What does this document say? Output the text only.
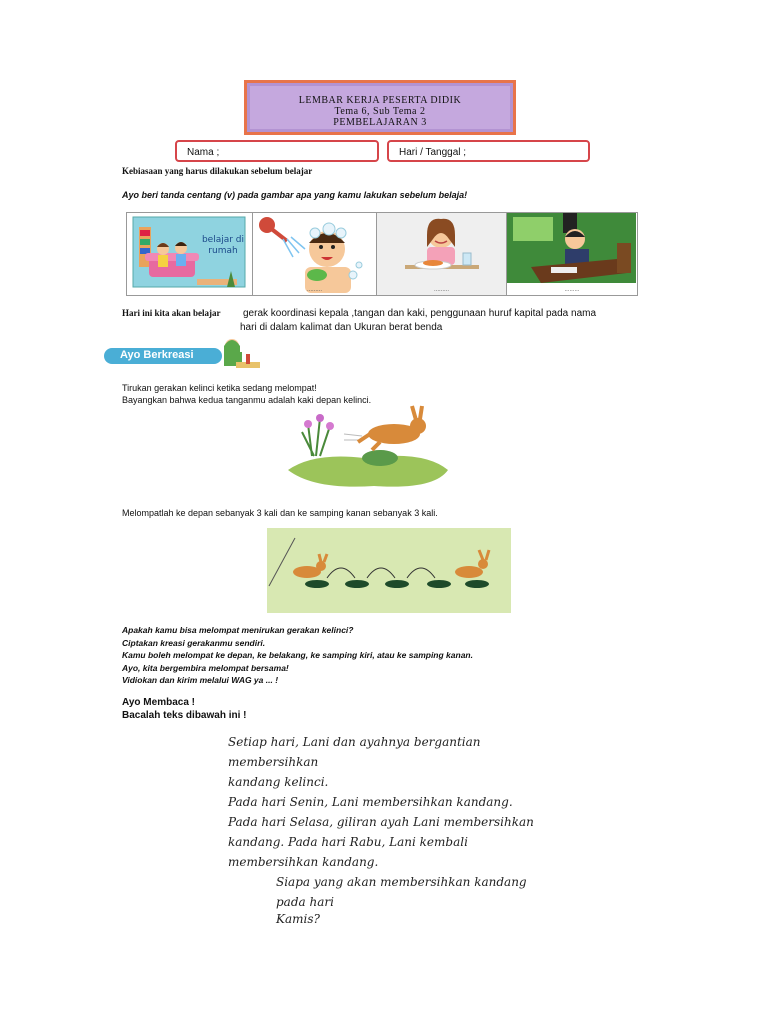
LEMBAR KERJA PESERTA DIDIK
Tema 6, Sub Tema 2
PEMBELAJARAN 3
Nama ;	Hari / Tanggal ;
Kebiasaan yang harus dilakukan sebelum belajar
Ayo beri tanda centang (v) pada gambar apa yang kamu lakukan sebelum belaja!
belajar di rumah
.........	.........	.........
Hari ini kita akan belajar gerak koordinasi kepala ,tangan dan kaki, penggunaan huruf kapital pada nama
hari di dalam kalimat dan Ukuran berat benda
Ayo Berkreasi
Tirukan gerakan kelinci ketika sedang melompat!
Bayangkan bahwa kedua tanganmu adalah kaki depan kelinci.
Melompatlah ke depan sebanyak 3 kali dan ke samping kanan sebanyak 3 kali.
Apakah kamu bisa melompat menirukan gerakan kelinci?
Ciptakan kreasi gerakanmu sendiri.
Kamu boleh melompat ke depan, ke belakang, ke samping kiri, atau ke samping kanan.
Ayo, kita bergembira melompat bersama!
Vidiokan dan kirim melalui WAG ya ... !
Ayo Membaca !
Bacalah teks dibawah ini !
Setiap hari, Lani dan ayahnya bergantian membersihkan
kandang kelinci.
Pada hari Senin, Lani membersihkan kandang.
Pada hari Selasa, giliran ayah Lani membersihkan
kandang. Pada hari Rabu, Lani kembali membersihkan kandang.
Siapa yang akan membersihkan kandang pada hari
Kamis?
